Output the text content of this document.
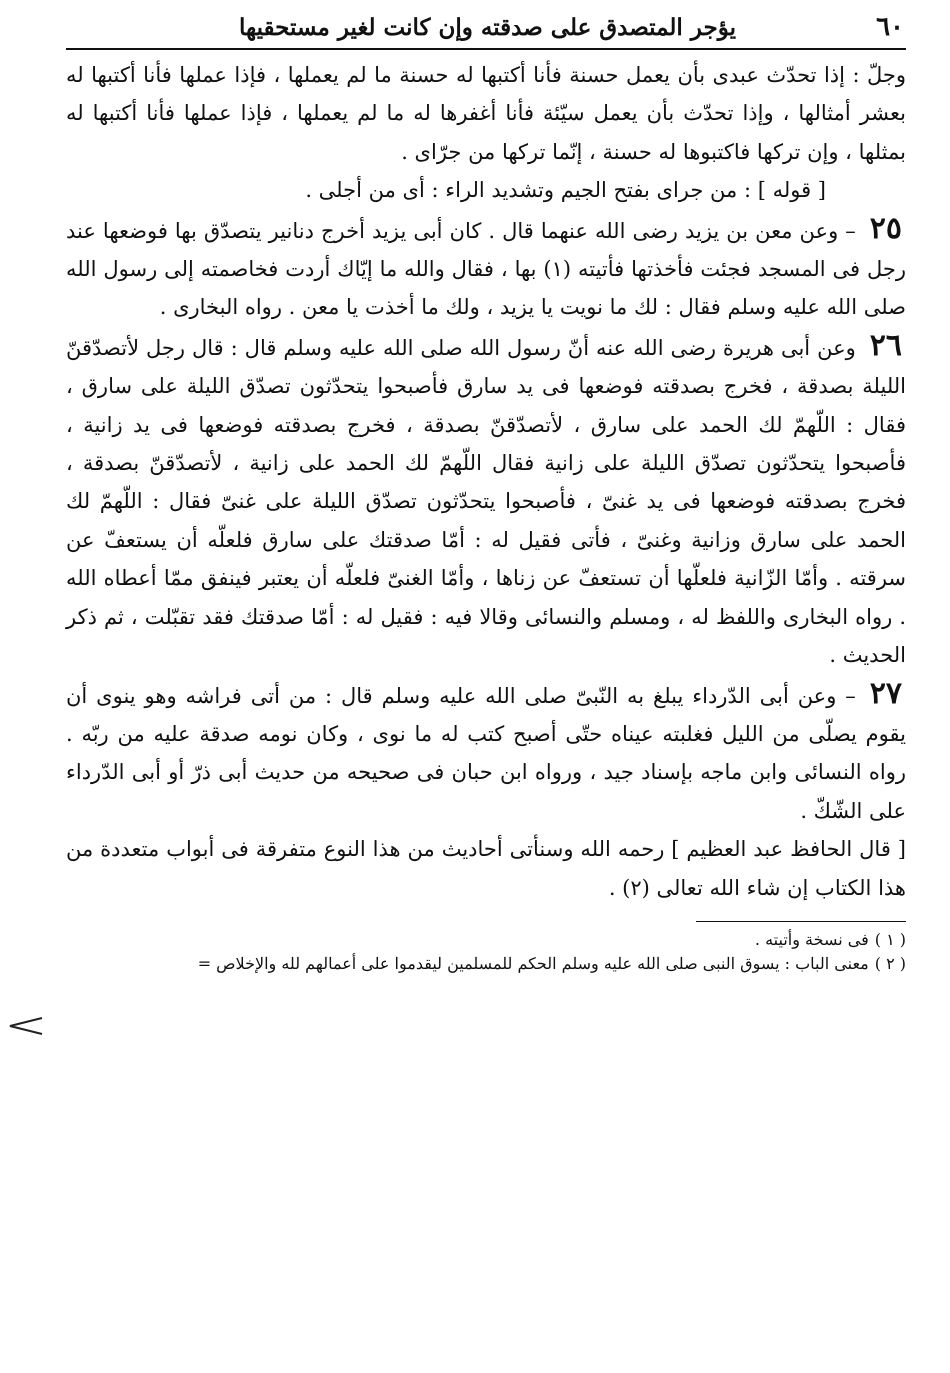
يؤجر المتصدق على صدقته وإن كانت لغير مستحقيها	٦٠

وجلّ : إذا تحدّث عبدى بأن يعمل حسنة فأنا أكتبها له حسنة ما لم يعملها ، فإذا عملها فأنا أكتبها له بعشر أمثالها ، وإذا تحدّث بأن يعمل سيّئة فأنا أغفرها له ما لم يعملها ، فإذا عملها فأنا أكتبها له بمثلها ، وإن تركها فاكتبوها له حسنة ، إنّما تركها من جرّاى .

[ قوله ] : من جراى بفتح الجيم وتشديد الراء : أى من أجلى .

٢٥– وعن معن بن يزيد رضى الله عنهما قال . كان أبى يزيد أخرج دنانير يتصدّق بها فوضعها عند رجل فى المسجد فجئت فأخذتها فأتيته (١) بها ، فقال والله ما إيّاك أردت فخاصمته إلى رسول الله صلى الله عليه وسلم فقال : لك ما نويت يا يزيد ، ولك ما أخذت يا معن . رواه البخارى .

٢٦وعن أبى هريرة رضى الله عنه أنّ رسول الله صلى الله عليه وسلم قال : قال رجل لأتصدّقنّ الليلة بصدقة ، فخرج بصدقته فوضعها فى يد سارق فأصبحوا يتحدّثون تصدّق الليلة على سارق ، فقال : اللّهمّ لك الحمد على سارق ، لأتصدّقنّ بصدقة ، فخرج بصدقته فوضعها فى يد زانية ، فأصبحوا يتحدّثون تصدّق الليلة على زانية فقال اللّهمّ لك الحمد على زانية ، لأتصدّقنّ بصدقة ، فخرج بصدقته فوضعها فى يد غنىّ ، فأصبحوا يتحدّثون تصدّق الليلة على غنىّ فقال : اللّهمّ لك الحمد على سارق وزانية وغنىّ ، فأتى فقيل له : أمّا صدقتك على سارق فلعلّه أن يستعفّ عن سرقته . وأمّا الزّانية فلعلّها أن تستعفّ عن زناها ، وأمّا الغنىّ فلعلّه أن يعتبر فينفق ممّا أعطاه الله . رواه البخارى واللفظ له ، ومسلم والنسائى وقالا فيه : فقيل له : أمّا صدقتك فقد تقبّلت ، ثم ذكر الحديث .

٢٧– وعن أبى الدّرداء يبلغ به النّبىّ صلى الله عليه وسلم قال : من أتى فراشه وهو ينوى أن يقوم يصلّى من الليل فغلبته عيناه حتّى أصبح كتب له ما نوى ، وكان نومه صدقة عليه من ربّه . رواه النسائى وابن ماجه بإسناد جيد ، ورواه ابن حبان فى صحيحه من حديث أبى ذرّ أو أبى الدّرداء على الشّكّ .

[ قال الحافظ عبد العظيم ] رحمه الله وسنأتى أحاديث من هذا النوع متفرقة فى أبواب متعددة من هذا الكتاب إن شاء الله تعالى (٢) .

( ١ )فى نسخة وأتيته .

( ٢ )معنى الباب : يسوق النبى صلى الله عليه وسلم الحكم للمسلمين ليقدموا على أعمالهم لله والإخلاص =
